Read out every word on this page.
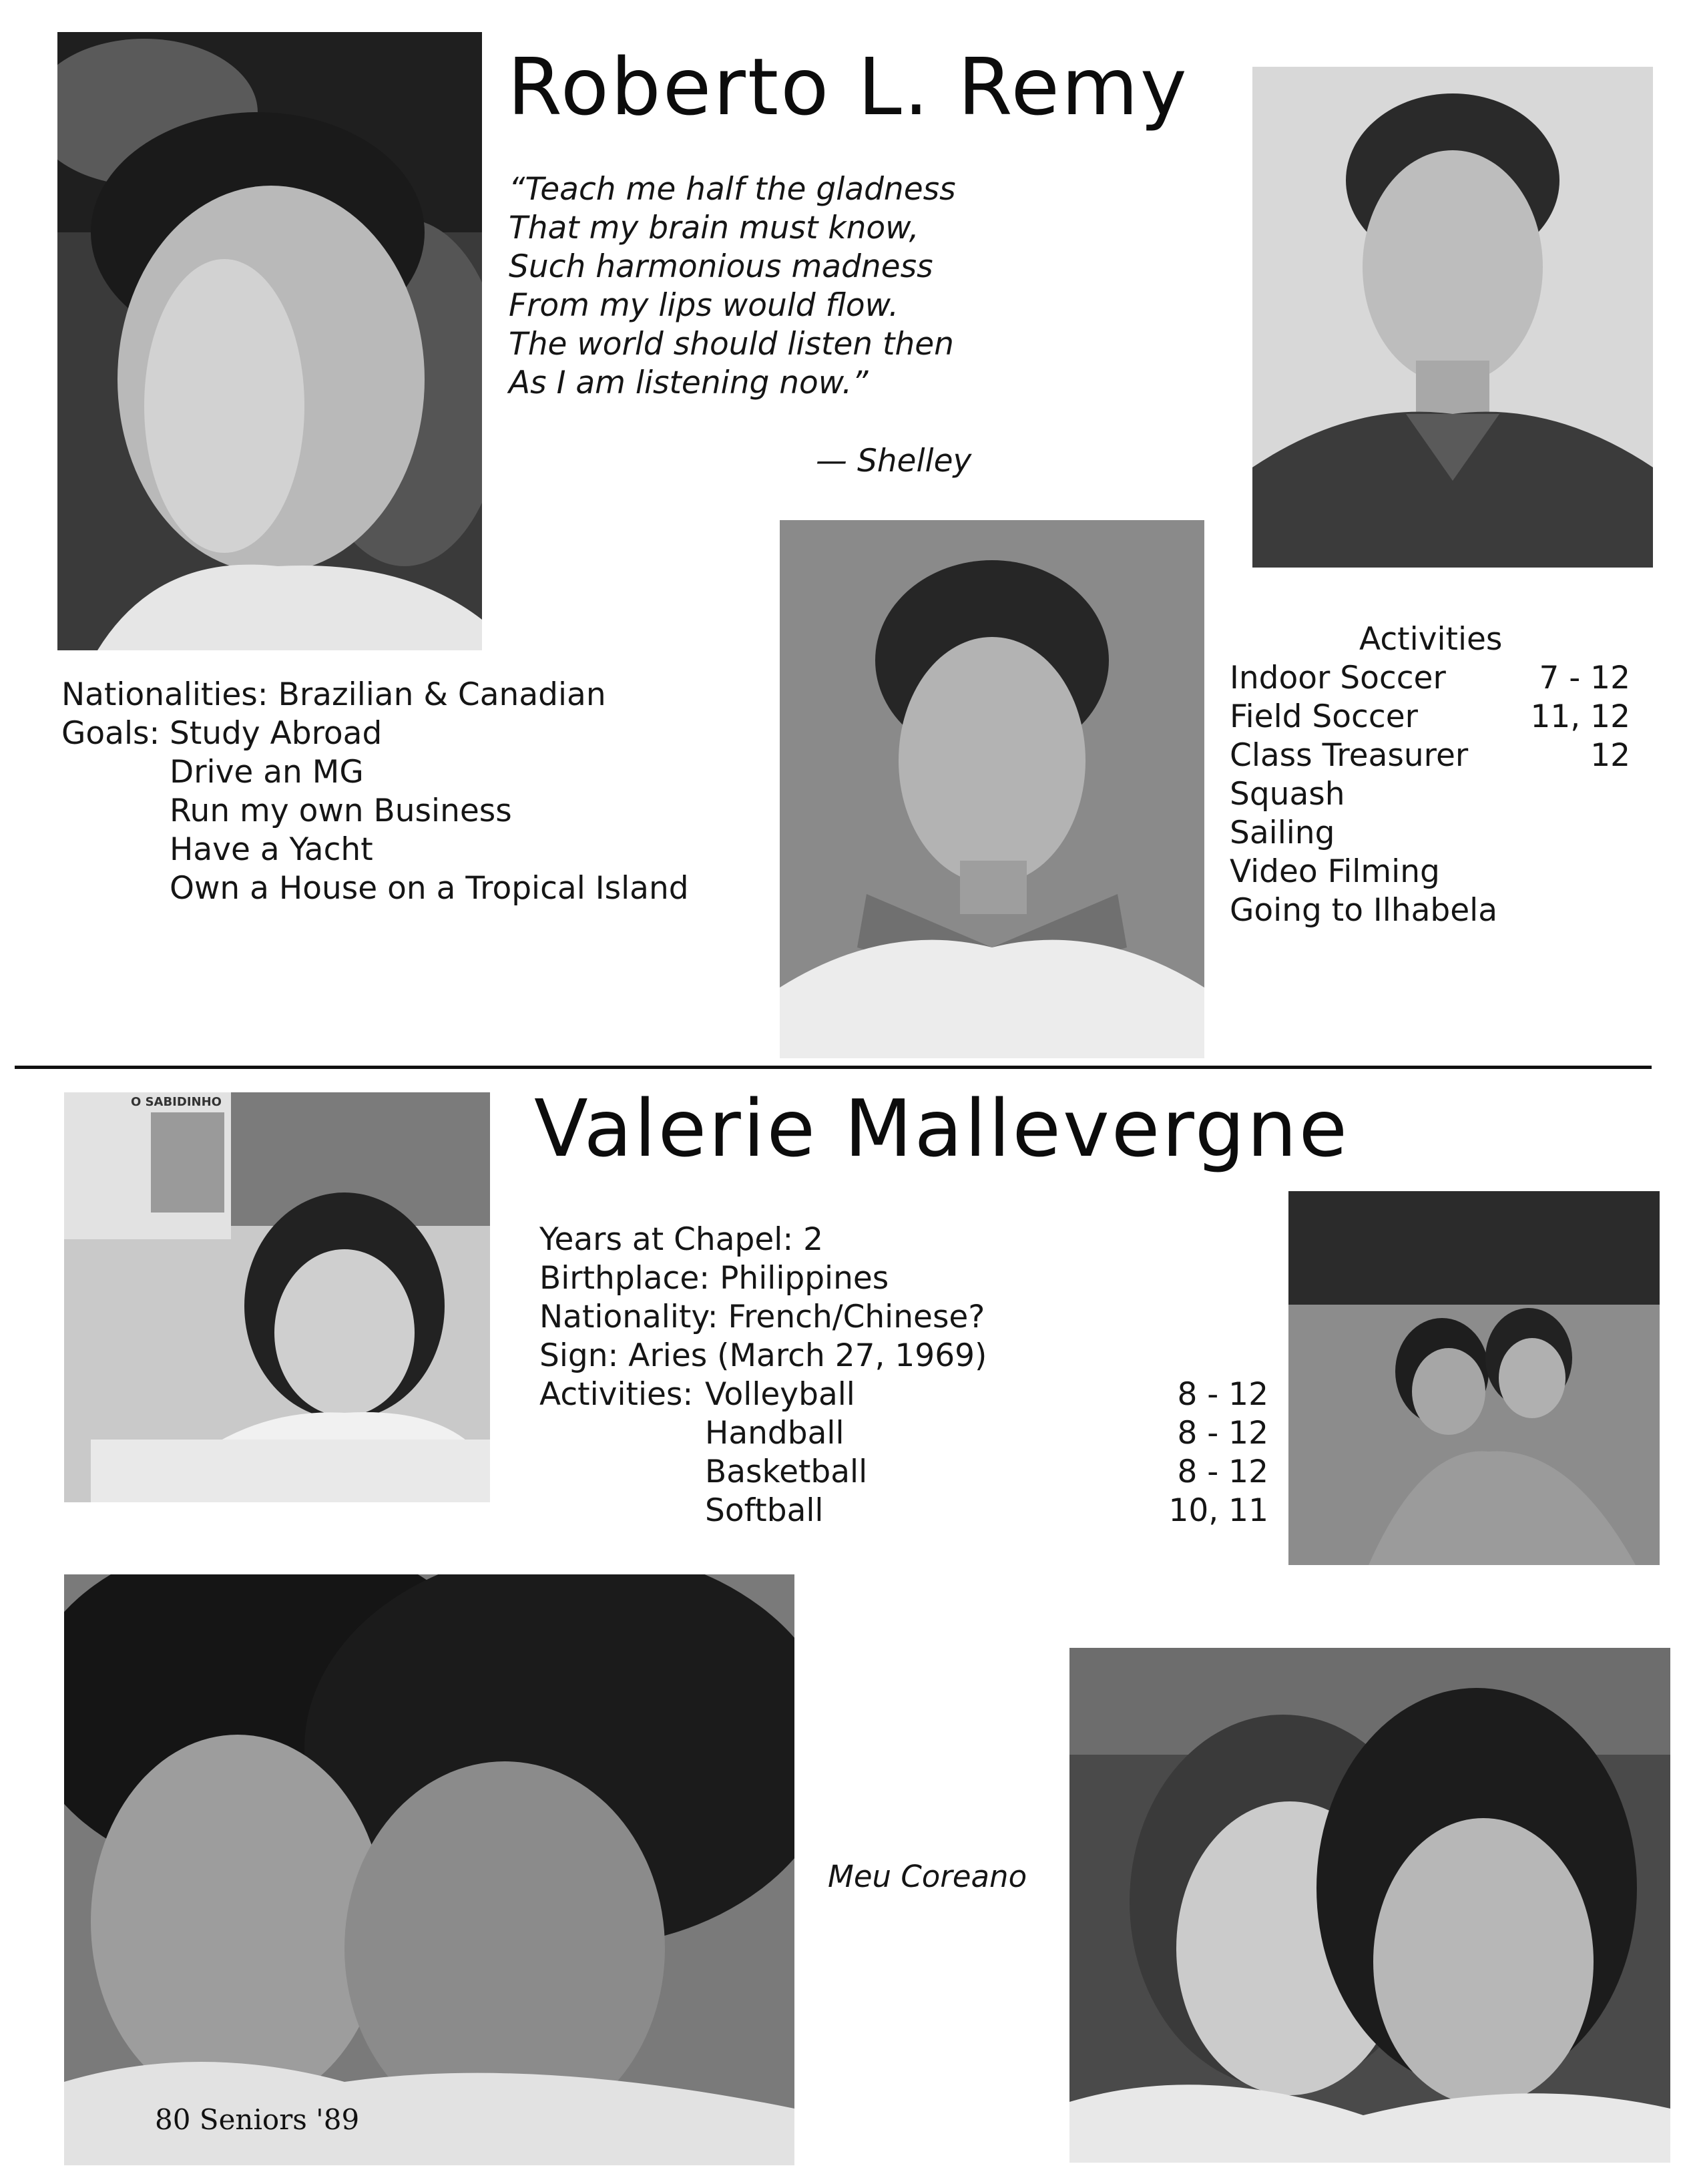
Roberto L. Remy
“Teach me half the gladness
That my brain must know,
Such harmonious madness
From my lips would flow.
The world should listen then
As I am listening now.”
— Shelley
Nationalities: Brazilian & Canadian
Goals: Study Abroad
Drive an MG
Run my own Business
Have a Yacht
Own a House on a Tropical Island
Activities
Indoor Soccer	7 - 12
Field Soccer	11, 12
Class Treasurer	12
Squash
Sailing
Video Filming
Going to Ilhabela
O SABIDINHO	Valerie Mallevergne
Years at Chapel: 2
Birthplace: Philippines
Nationality: French/Chinese?
Sign: Aries (March 27, 1969)
Activities: Volleyball	8 - 12
Handball	8 - 12
Basketball	8 - 12
Softball	10, 11
80 Seniors '89
Meu Coreano
